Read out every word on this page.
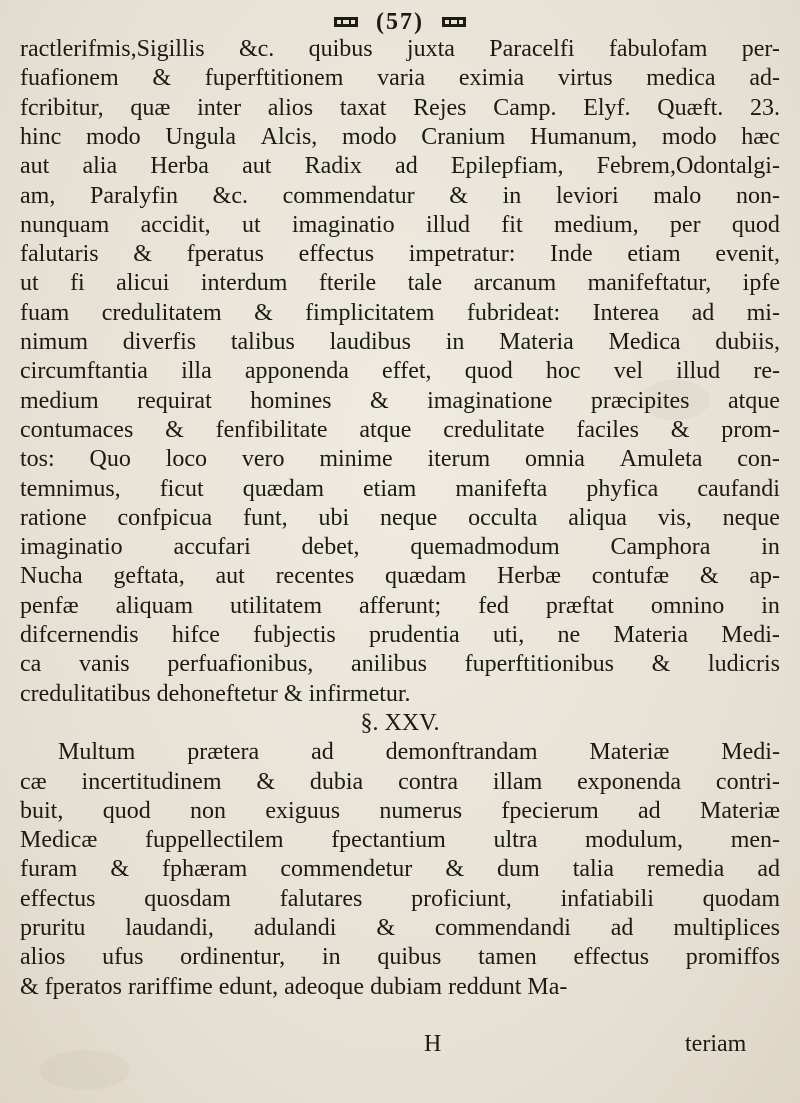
(57)
ractlerifmis,Sigillis &c. quibus juxta Paracelfi fabulofam per-
fuafionem & fuperftitionem varia eximia virtus medica ad-
fcribitur, quæ inter alios taxat Rejes Camp. Elyf. Quæft. 23.
hinc modo Ungula Alcis, modo Cranium Humanum, modo hæc
aut alia Herba aut Radix ad Epilepfiam, Febrem,Odontalgi-
am, Paralyfin &c. commendatur & in leviori malo non-
nunquam accidit, ut imaginatio illud fit medium, per quod
falutaris & fperatus effectus impetratur: Inde etiam evenit,
ut fi alicui interdum fterile tale arcanum manifeftatur, ipfe
fuam credulitatem & fimplicitatem fubrideat: Interea ad mi-
nimum diverfis talibus laudibus in Materia Medica dubiis,
circumftantia illa apponenda effet, quod hoc vel illud re-
medium requirat homines & imaginatione præcipites atque
contumaces & fenfibilitate atque credulitate faciles & prom-
tos: Quo loco vero minime iterum omnia Amuleta con-
temnimus, ficut quædam etiam manifefta phyfica caufandi
ratione confpicua funt, ubi neque occulta aliqua vis, neque
imaginatio accufari debet, quemadmodum Camphora in
Nucha geftata, aut recentes quædam Herbæ contufæ & ap-
penfæ aliquam utilitatem afferunt; fed præftat omnino in
difcernendis hifce fubjectis prudentia uti, ne Materia Medi-
ca vanis perfuafionibus, anilibus fuperftitionibus & ludicris
credulitatibus dehoneftetur & infirmetur.
§. XXV.
Multum prætera ad demonftrandam Materiæ Medi-
cæ incertitudinem & dubia contra illam exponenda contri-
buit, quod non exiguus numerus fpecierum ad Materiæ
Medicæ fuppellectilem fpectantium ultra modulum, men-
furam & fphæram commendetur & dum talia remedia ad
effectus quosdam falutares proficiunt, infatiabili quodam
pruritu laudandi, adulandi & commendandi ad multiplices
alios ufus ordinentur, in quibus tamen effectus promiffos
& fperatos rariffime edunt, adeoque dubiam reddunt Ma-
H	teriam
